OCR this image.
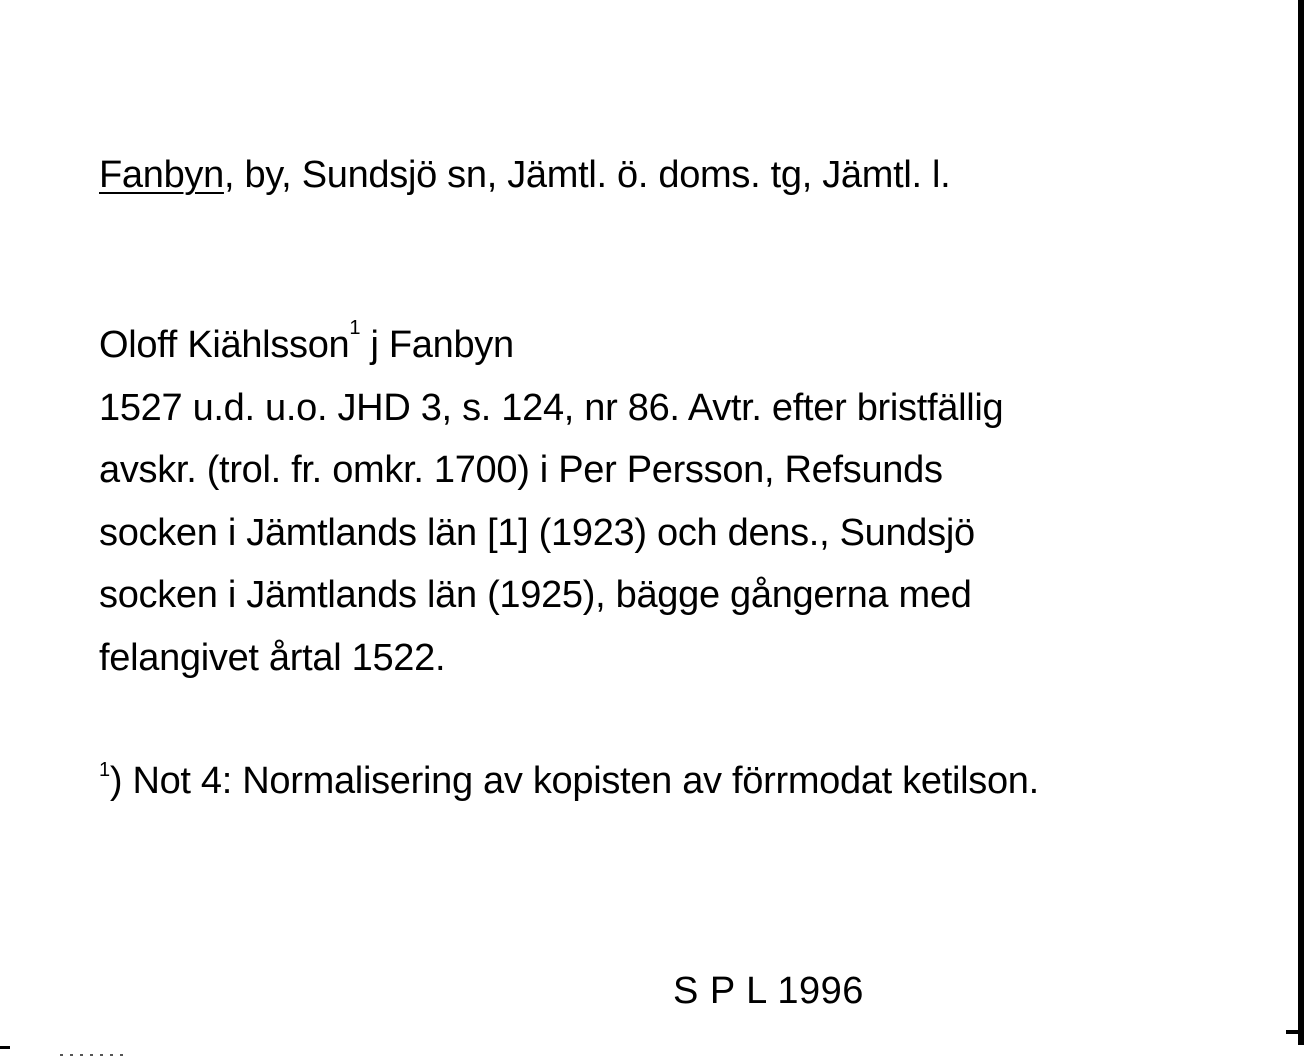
Fanbyn, by, Sundsjö sn, Jämtl. ö. doms. tg, Jämtl. l.
Oloff Kiählsson$^1$ j Fanbyn
1527 u.d. u.o. JHD 3, s. 124, nr 86. Avtr. efter bristfällig
avskr. (trol. fr. omkr. 1700) i Per Persson, Refsunds
socken i Jämtlands län [1] (1923) och dens., Sundsjö
socken i Jämtlands län (1925), bägge gångerna med
felangivet årtal 1522.
$^1$) Not 4: Normalisering av kopisten av förrmodat ketilson.
S P L 1996
